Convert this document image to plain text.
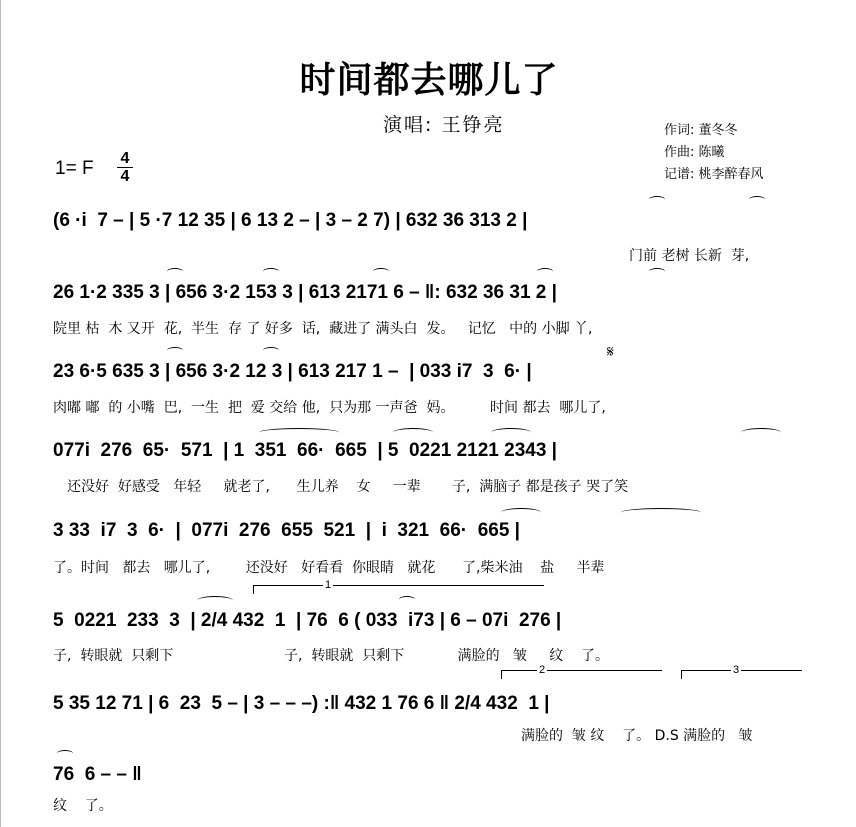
时间都去哪儿了
演唱: 王铮亮	作词: 董冬冬
作曲: 陈曦
记谱: 桃李醉春风
1= F 4
4
(6 ·i  7 – | 5 ·7 12 35 | 6 13 2 – | 3 – 2 7) | 632 36 313 2 |
门前 老树 长新  芽,
26 1·2 335 3 | 656 3·2 153 3 | 613 2171 6 – ‖: 632 36 31 2 |
院里 枯  木 又开  花,  半生  存 了 好多  话,  藏进了 满头白  发。   记忆   中的 小脚 丫,
23 6·5 635 3 | 656 3·2 12 3 | 613 217 1 –  | 033 i7  3  6· |
肉嘟 嘟  的 小嘴  巴,  一生  把  爱 交给 他,  只为那 一声爸  妈。        时间 都去  哪儿了,
𝄋
077i  276  65·  571  | 1  351  66·  665  | 5  0221 2121 2343 |
还没好  好感受   年轻     就老了,      生儿养    女     一辈       子,  满脑子 都是孩子 哭了笑
3 33  i7  3  6·  |  077i  276  655  521  |  i  321  66·  665 |
了。时间   都去   哪儿了,        还没好   好看看  你眼睛   就花      了,柴米油    盐     半辈
1
5  0221  233  3  | 2/4 432  1  | 76  6 ( 033  i73 | 6 – 07i  276 |
子,  转眼就  只剩下	子,  转眼就  只剩下            满脸的   皱     纹    了。
2	3
5 35 12 71 | 6  23  5 – | 3 – – –) :‖ 432 1 76 6 ‖ 2/4 432  1 |
满脸的  皱 纹    了。 D.S 满脸的   皱
76  6 – – ‖
纹    了。
